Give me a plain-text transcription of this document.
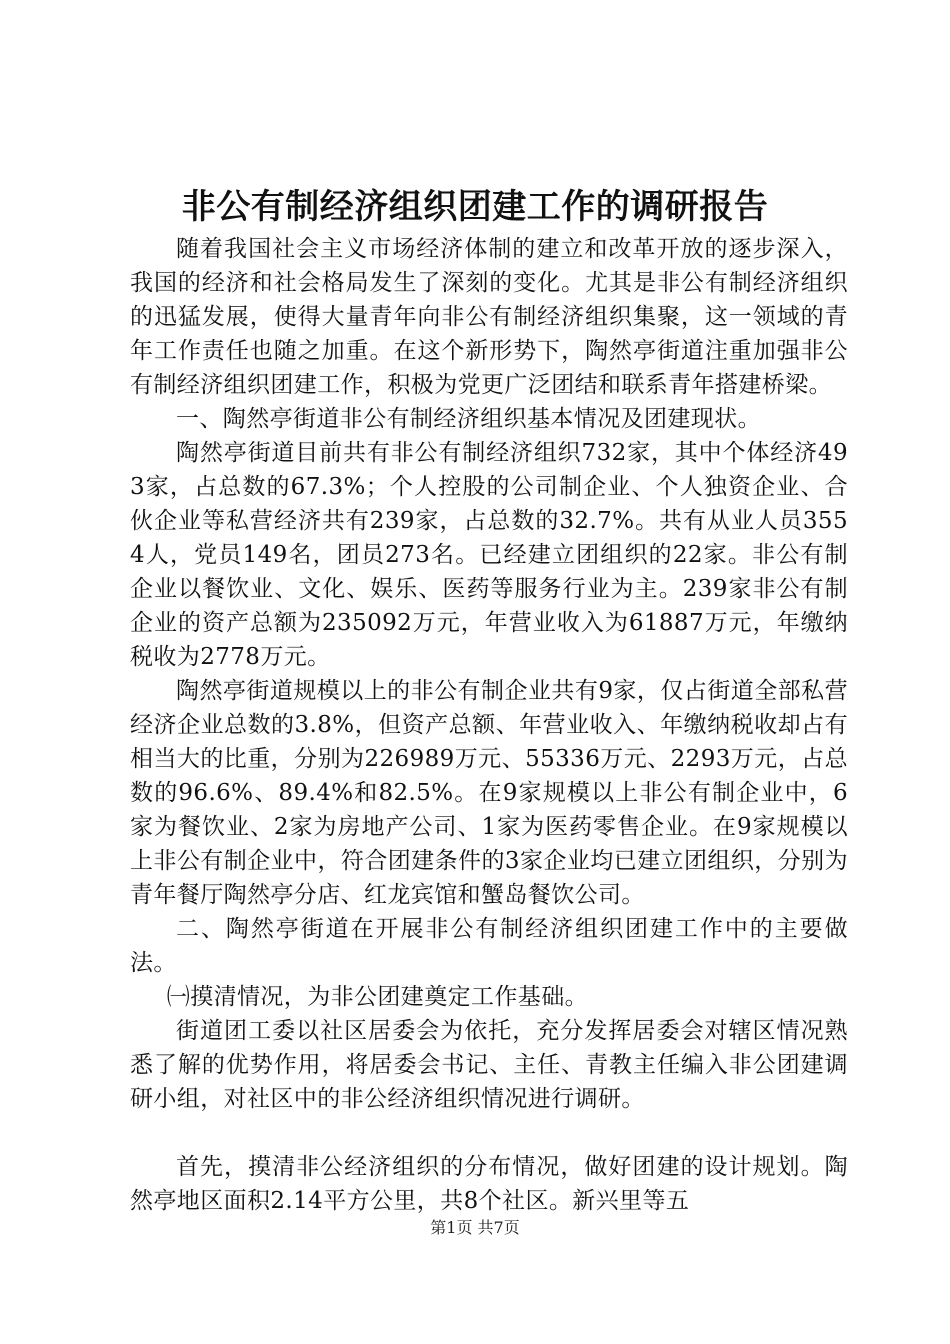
非公有制经济组织团建工作的调研报告

随着我国社会主义市场经济体制的建立和改革开放的逐步深入，我国的经济和社会格局发生了深刻的变化。尤其是非公有制经济组织的迅猛发展，使得大量青年向非公有制经济组织集聚，这一领域的青年工作责任也随之加重。在这个新形势下，陶然亭街道注重加强非公有制经济组织团建工作，积极为党更广泛团结和联系青年搭建桥梁。

一、陶然亭街道非公有制经济组织基本情况及团建现状。

陶然亭街道目前共有非公有制经济组织732家，其中个体经济493家，占总数的67.3%；个人控股的公司制企业、个人独资企业、合伙企业等私营经济共有239家，占总数的32.7%。共有从业人员3554人，党员149名，团员273名。已经建立团组织的22家。非公有制企业以餐饮业、文化、娱乐、医药等服务行业为主。239家非公有制企业的资产总额为235092万元，年营业收入为61887万元，年缴纳税收为2778万元。

陶然亭街道规模以上的非公有制企业共有9家，仅占街道全部私营经济企业总数的3.8%，但资产总额、年营业收入、年缴纳税收却占有相当大的比重，分别为226989万元、55336万元、2293万元，占总数的96.6%、89.4%和82.5%。在9家规模以上非公有制企业中，6家为餐饮业、2家为房地产公司、1家为医药零售企业。在9家规模以上非公有制企业中，符合团建条件的3家企业均已建立团组织，分别为青年餐厅陶然亭分店、红龙宾馆和蟹岛餐饮公司。

二、陶然亭街道在开展非公有制经济组织团建工作中的主要做法。

㈠摸清情况，为非公团建奠定工作基础。

街道团工委以社区居委会为依托，充分发挥居委会对辖区情况熟悉了解的优势作用，将居委会书记、主任、青教主任编入非公团建调研小组，对社区中的非公经济组织情况进行调研。

首先，摸清非公经济组织的分布情况，做好团建的设计规划。陶然亭地区面积2.14平方公里，共8个社区。新兴里等五

第1页 共7页
